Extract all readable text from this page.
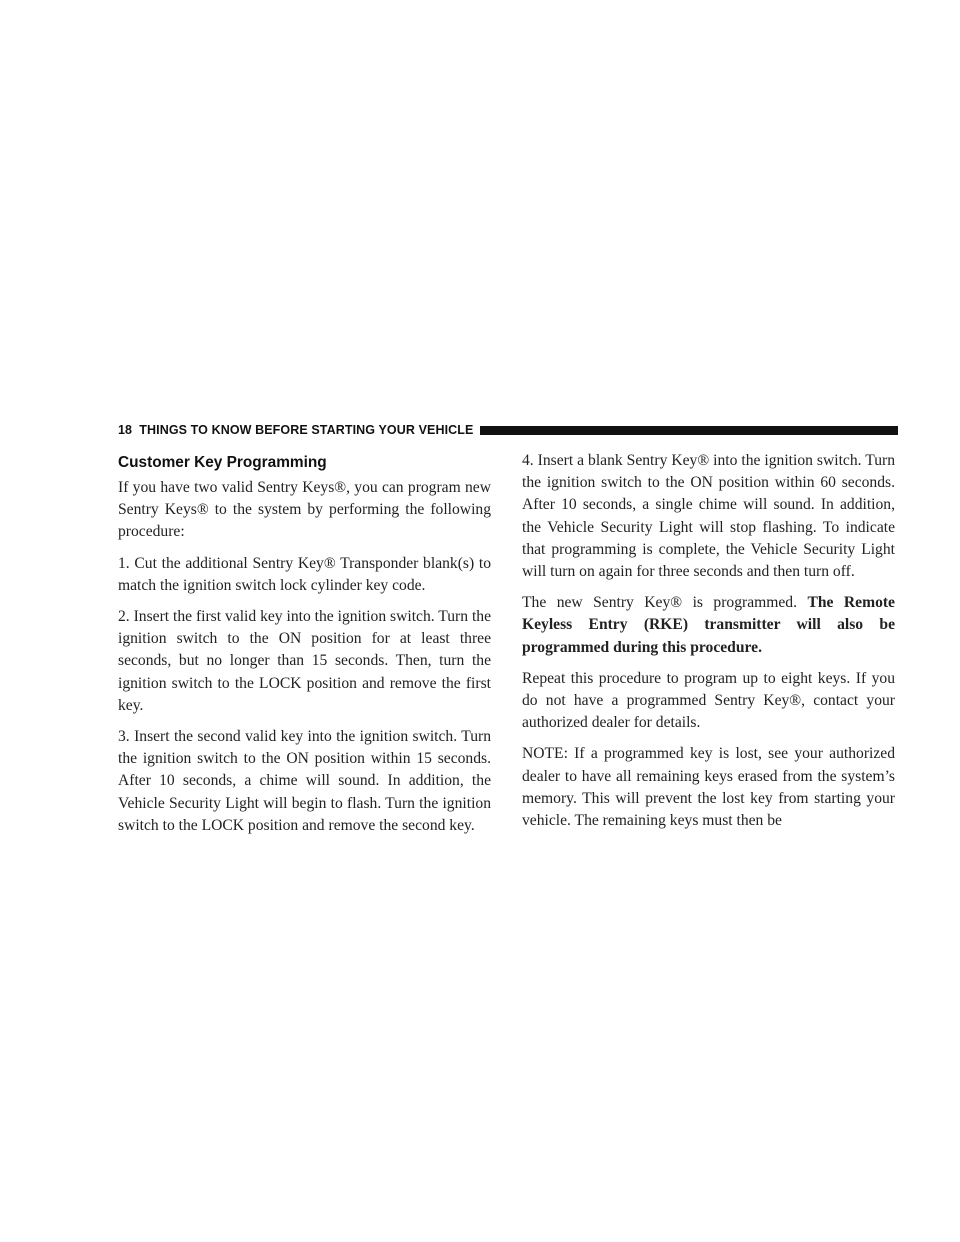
18
THINGS TO KNOW BEFORE STARTING YOUR VEHICLE
Customer Key Programming

If you have two valid Sentry Keys®, you can program new Sentry Keys® to the system by performing the following procedure:

1. Cut the additional Sentry Key® Transponder blank(s) to match the ignition switch lock cylinder key code.

2. Insert the first valid key into the ignition switch. Turn the ignition switch to the ON position for at least three seconds, but no longer than 15 seconds. Then, turn the ignition switch to the LOCK position and remove the first key.

3. Insert the second valid key into the ignition switch. Turn the ignition switch to the ON position within 15 seconds. After 10 seconds, a chime will sound. In addition, the Vehicle Security Light will begin to flash. Turn the ignition switch to the LOCK position and remove the second key.

4. Insert a blank Sentry Key® into the ignition switch. Turn the ignition switch to the ON position within 60 seconds. After 10 seconds, a single chime will sound. In addition, the Vehicle Security Light will stop flashing. To indicate that programming is complete, the Vehicle Security Light will turn on again for three seconds and then turn off.

The new Sentry Key® is programmed. The Remote Keyless Entry (RKE) transmitter will also be programmed during this procedure.

Repeat this procedure to program up to eight keys. If you do not have a programmed Sentry Key®, contact your authorized dealer for details.

NOTE: If a programmed key is lost, see your authorized dealer to have all remaining keys erased from the system’s memory. This will prevent the lost key from starting your vehicle. The remaining keys must then be
